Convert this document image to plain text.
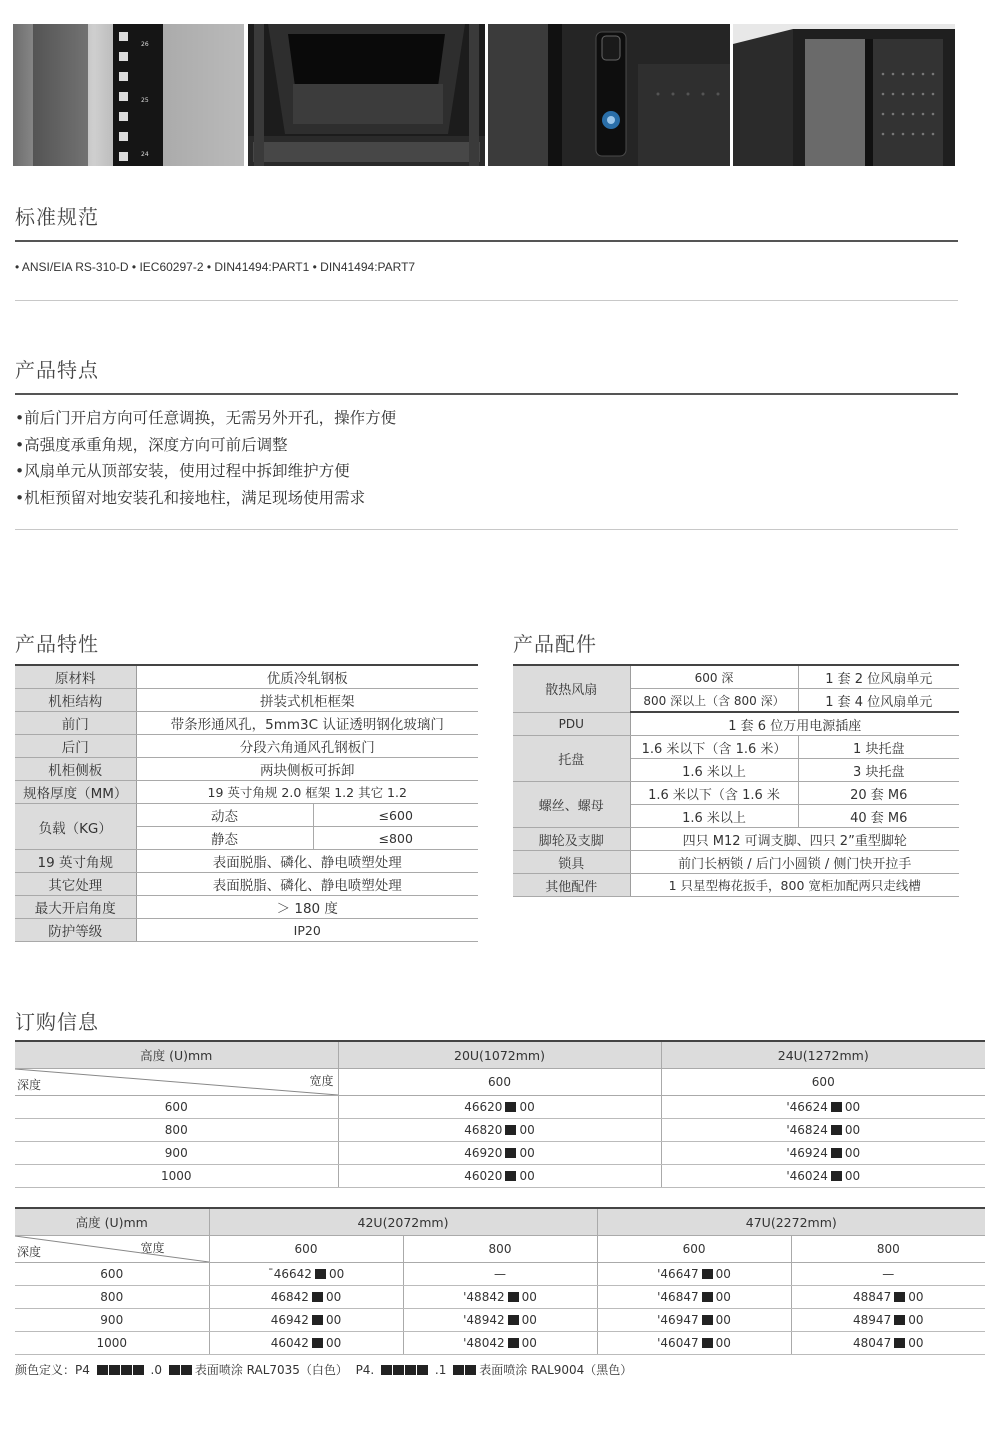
26
25
24
标准规范
• ANSI/EIA RS-310-D • IEC60297-2 • DIN41494:PART1 • DIN41494:PART7
产品特点
•前后门开启方向可任意调换，无需另外开孔，操作方便
•高强度承重角规，深度方向可前后调整
•风扇单元从顶部安装，使用过程中拆卸维护方便
•机柜预留对地安装孔和接地柱，满足现场使用需求
产品特性
原材料	优质冷轧钢板	
机柜结构	拼装式机柜框架	
前门	带条形通风孔，5mm3C 认证透明钢化玻璃门	
后门	分段六角通风孔钢板门	
机柜侧板	两块侧板可拆卸	
规格厚度（MM）	19 英寸角规 2.0 框架 1.2 其它 1.2	
负载（KG）	动态	≤600
	静态	≤800
19 英寸角规	表面脱脂、磷化、静电喷塑处理	
其它处理	表面脱脂、磷化、静电喷塑处理	
最大开启角度	＞ 180 度	
防护等级	IP20	
产品配件
散热风扇	600 深	1 套 2 位风扇单元
	800 深以上（含 800 深）	1 套 4 位风扇单元
PDU	1 套 6 位万用电源插座	
托盘	1.6 米以下（含 1.6 米）	1 块托盘
	1.6 米以上	3 块托盘
螺丝、螺母	1.6 米以下（含 1.6 米	20 套 M6
	1.6 米以上	40 套 M6
脚轮及支脚	四只 M12 可调支脚、四只 2”重型脚轮	
锁具	前门长柄锁 / 后门小圆锁 / 侧门快开拉手	
其他配件	1 只星型梅花扳手，800 宽柜加配两只走线槽	
订购信息
高度 (U)mm	20U(1072mm)	24U(1272mm)

深度 宽度	600	600
600	46620 00	'46624 00
800	46820 00	'46824 00
900	46920 00	'46924 00
1000	46020 00	'46024 00
高度 (U)mm	42U(2072mm)		47U(2272mm)	

深度 宽度	600	800	600	800
600	ˉ46642 00	—	'46647 00	—
800	46842 00	'48842 00	'46847 00	48847 00
900	46942 00	'48942 00	'46947 00	48947 00
1000	46042 00	'48042 00	'46047 00	48047 00
颜色定义：P4	.0	表面喷涂 RAL7035（白色） P4.	.1	表面喷涂 RAL9004（黑色）
